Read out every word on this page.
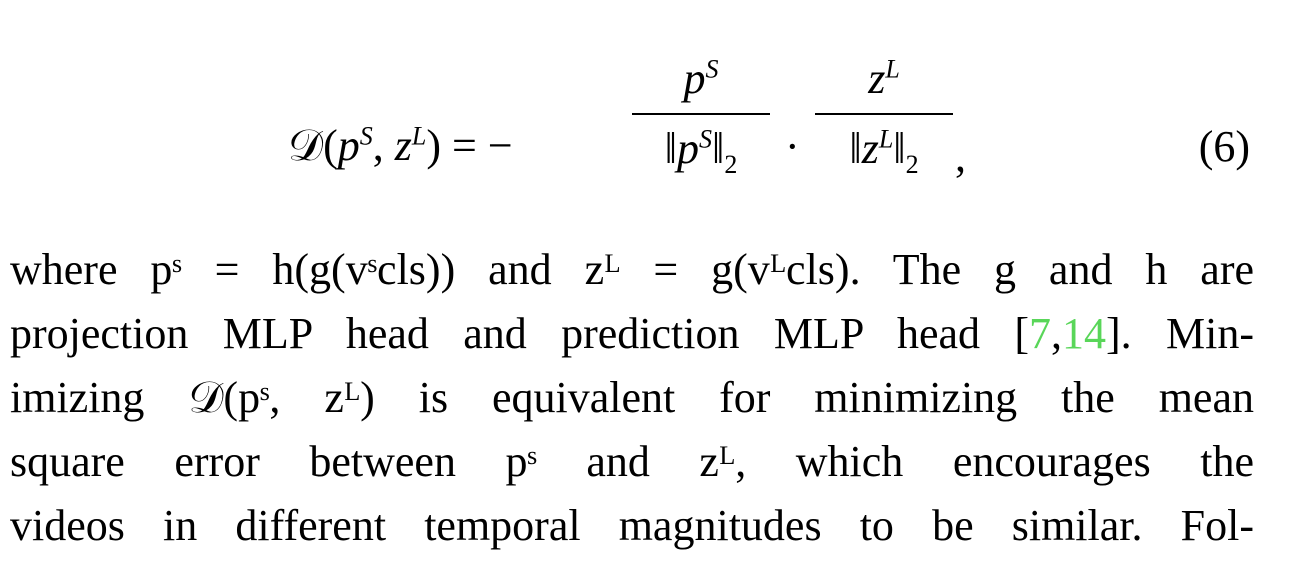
$𝒟(p^S$, $z^L$) = −
$p^S$
$‖p^S‖_2$	·
$z^L$
$‖z^L‖_2$ ,	(6)
where pˢ = h(g(vˢcls)) and zᴸ = g(vᴸcls). The g and h are
projection MLP head and prediction MLP head [7,14]. Min-
imizing 𝒟(pˢ, zᴸ) is equivalent for minimizing the mean
square error between pˢ and zᴸ, which encourages the
videos in different temporal magnitudes to be similar. Fol-
